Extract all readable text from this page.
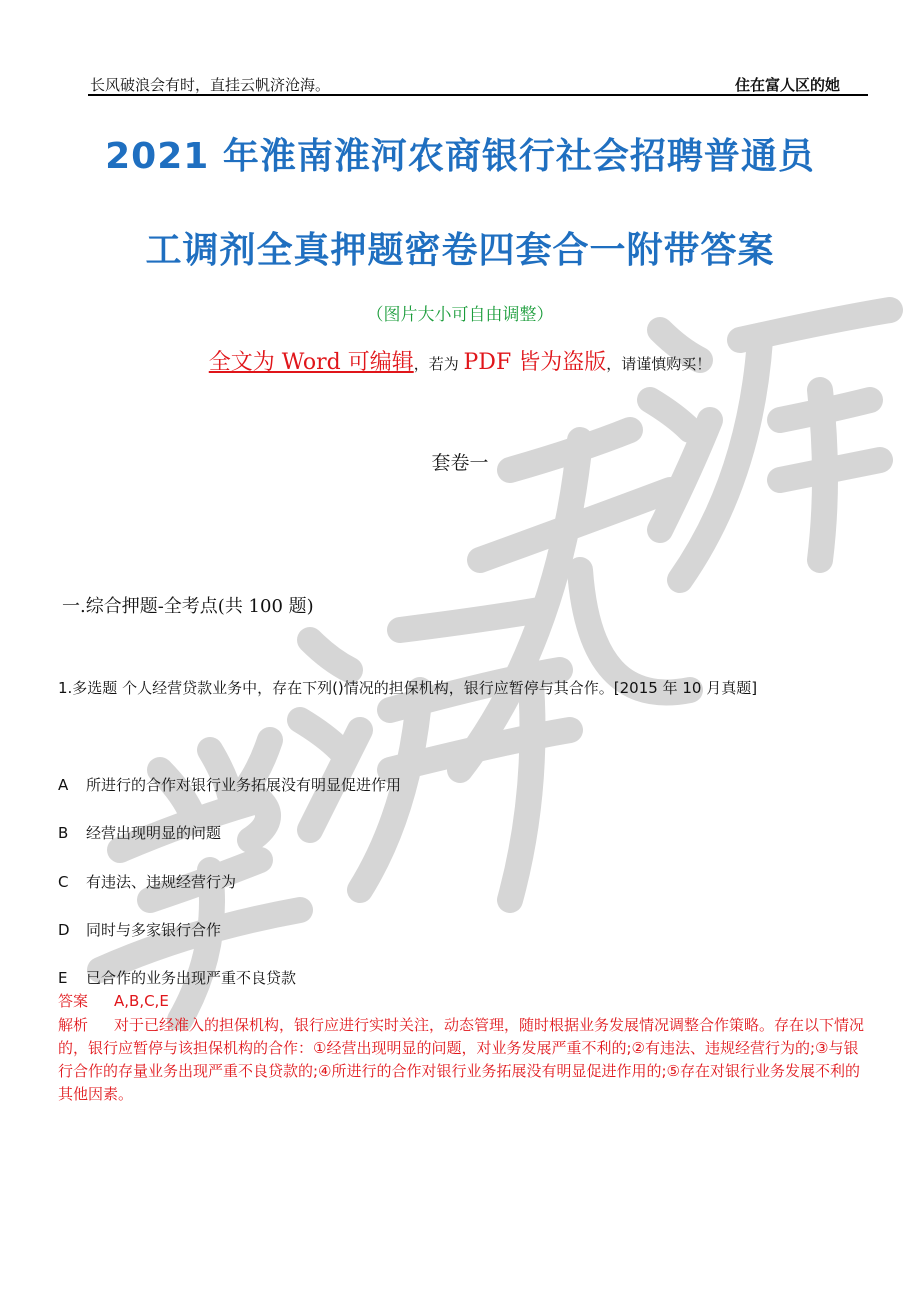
长风破浪会有时，直挂云帆济沧海。	住在富人区的她
2021 年淮南淮河农商银行社会招聘普通员
工调剂全真押题密卷四套合一附带答案
（图片大小可自由调整）
全文为 Word 可编辑，若为 PDF 皆为盗版，请谨慎购买！
套卷一
一.综合押题-全考点(共 100 题)
1.多选题 个人经营贷款业务中，存在下列()情况的担保机构，银行应暂停与其合作。[2015 年 10 月真题]
A 所进行的合作对银行业务拓展没有明显促进作用
B 经营出现明显的问题
C 有违法、违规经营行为
D 同时与多家银行合作
E 已合作的业务出现严重不良贷款
答案 A,B,C,E
解析 对于已经准入的担保机构，银行应进行实时关注，动态管理，随时根据业务发展情况调整合作策略。存在以下情况的，银行应暂停与该担保机构的合作：①经营出现明显的问题，对业务发展严重不利的;②有违法、违规经营行为的;③与银行合作的存量业务出现严重不良贷款的;④所进行的合作对银行业务拓展没有明显促进作用的;⑤存在对银行业务发展不利的其他因素。
